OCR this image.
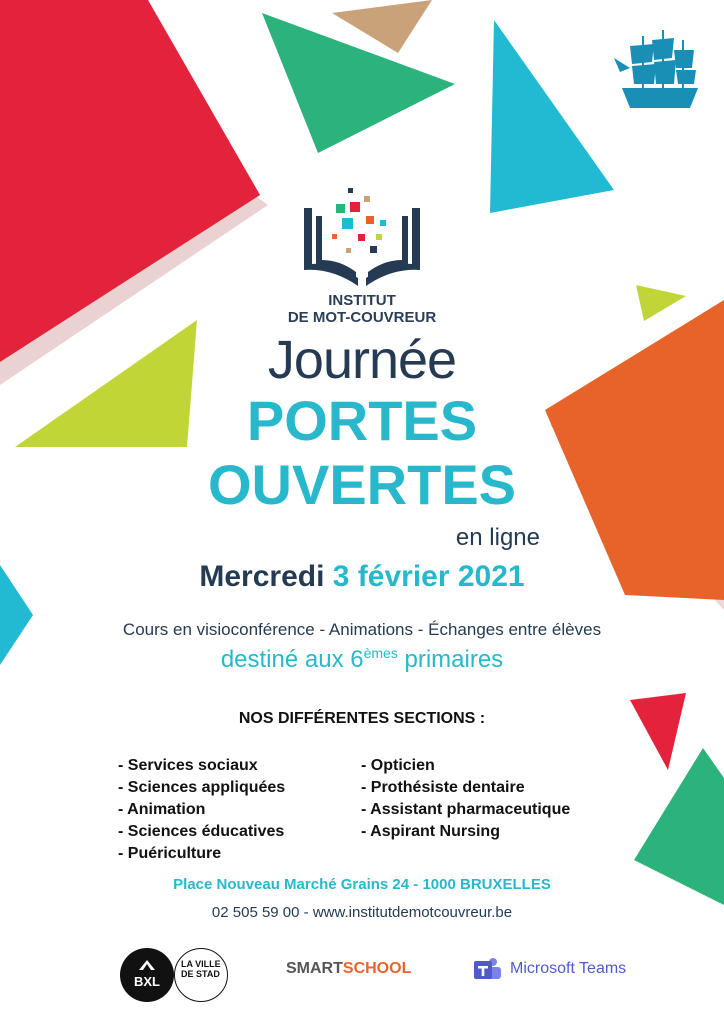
INSTITUT
DE MOT-COUVREUR
Journée
PORTES
OUVERTES
en ligne
Mercredi 3 février 2021
Cours en visioconférence - Animations - Échanges entre élèves
destiné aux 6èmes primaires
NOS DIFFÉRENTES SECTIONS :
- Services sociaux
- Sciences appliquées
- Animation
- Sciences éducatives
- Puériculture
- Opticien
- Prothésiste dentaire
- Assistant pharmaceutique
- Aspirant Nursing
Place Nouveau Marché Grains 24 - 1000 BRUXELLES
02 505 59 00 - www.institutdemotcouvreur.be
BXL
LA VILLE DE STAD	SMARTSCHOOL	Microsoft Teams
